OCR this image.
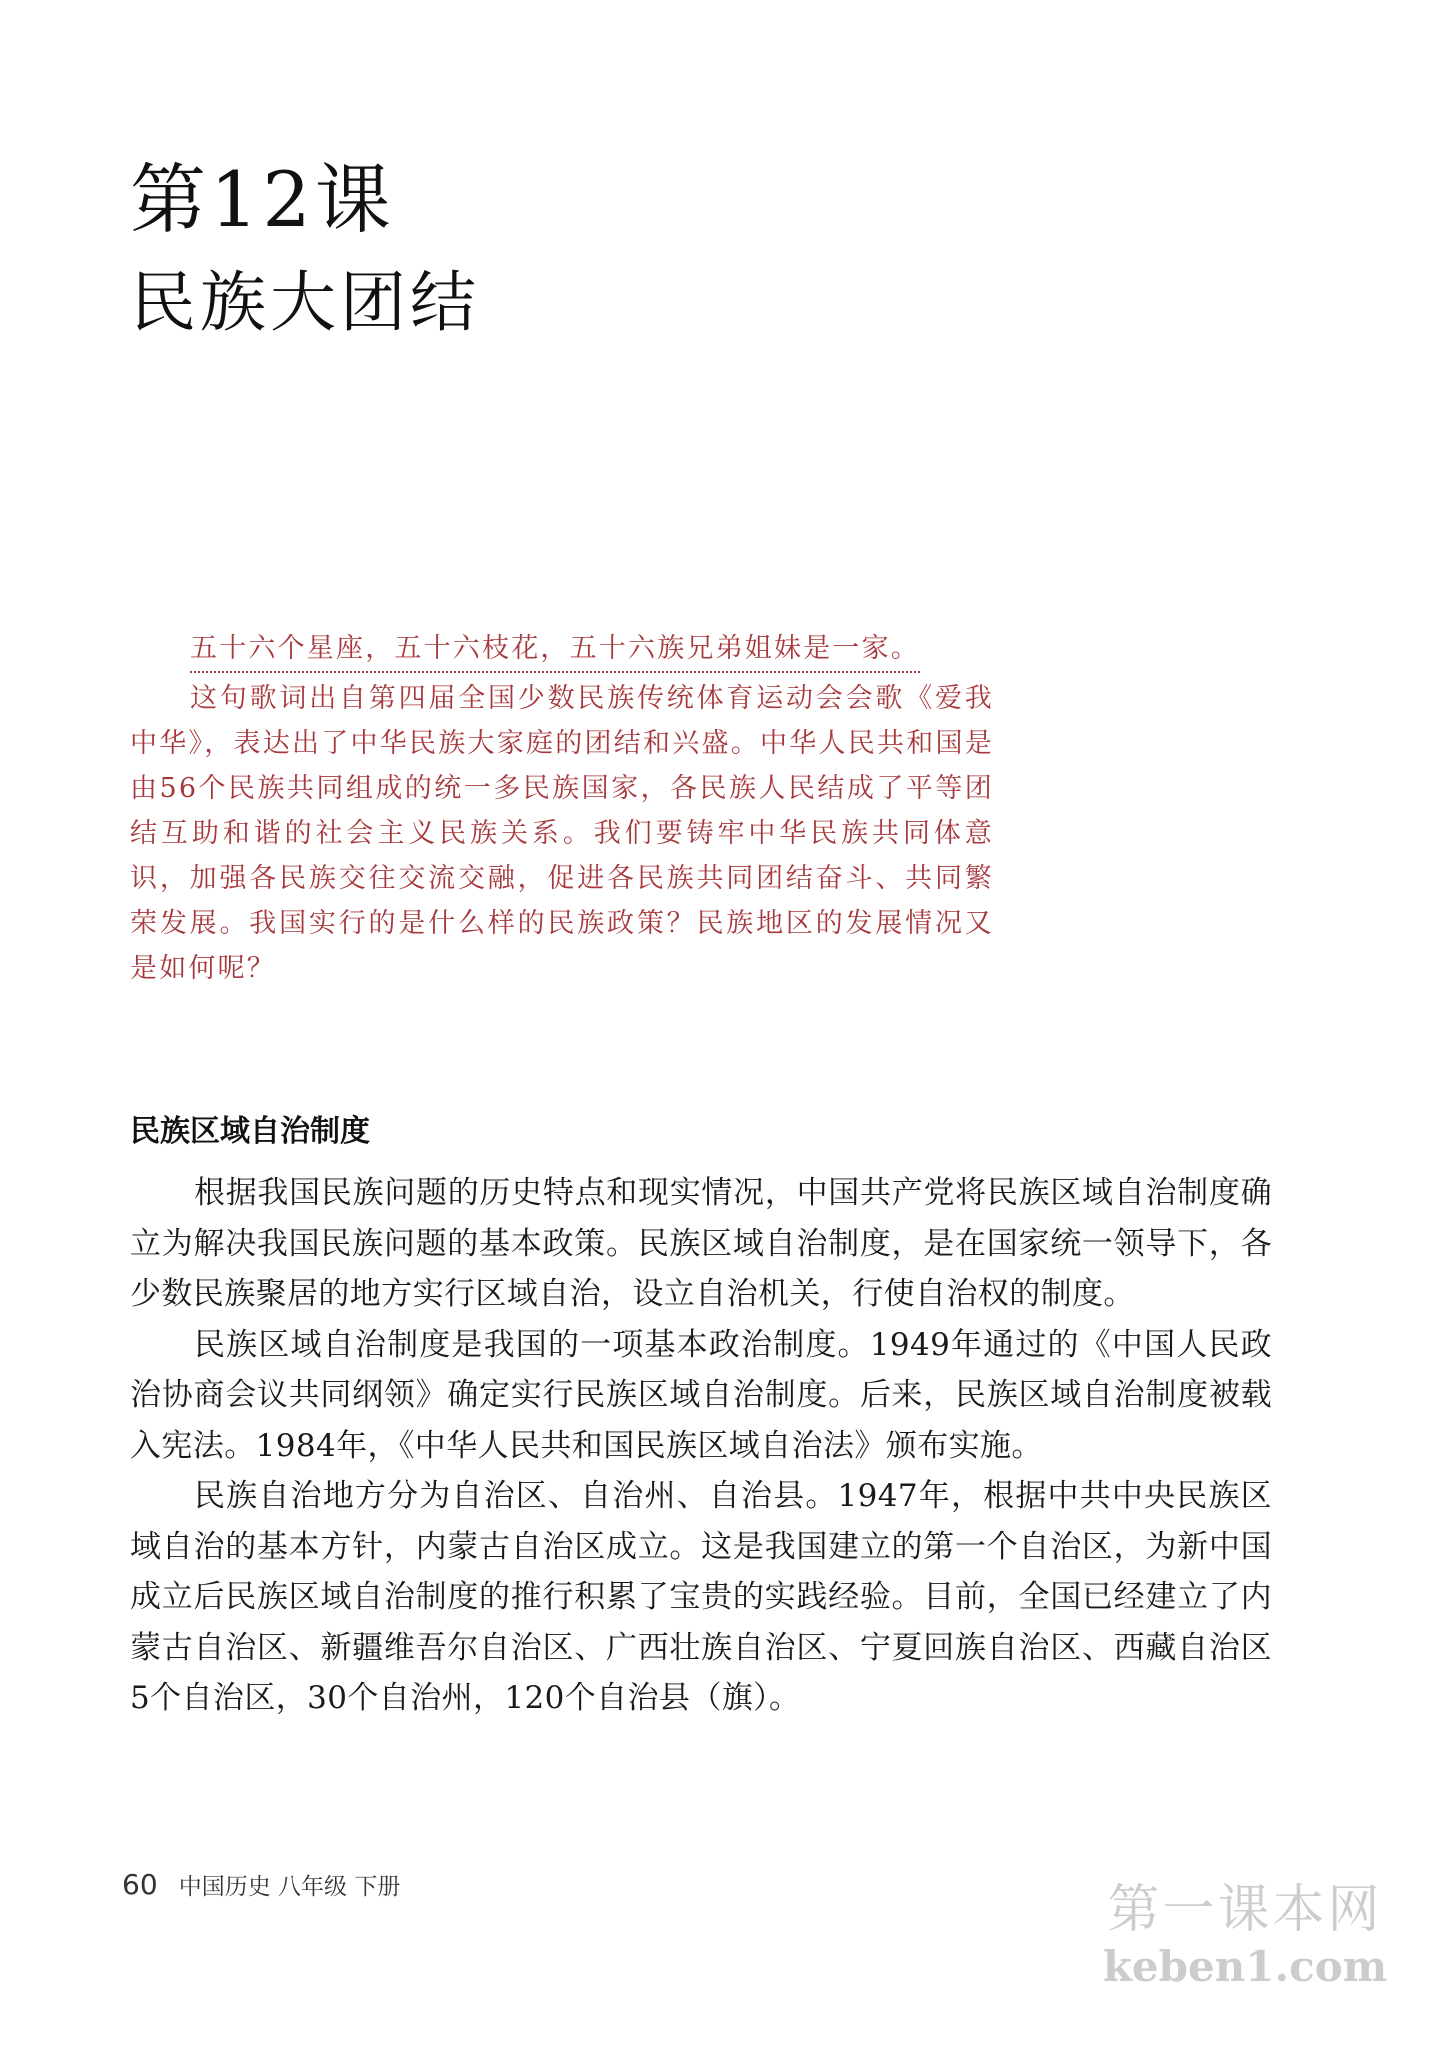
第12课
民族大团结
五十六个星座，五十六枝花，五十六族兄弟姐妹是一家。

这句歌词出自第四届全国少数民族传统体育运动会会歌《爱我中华》，表达出了中华民族大家庭的团结和兴盛。中华人民共和国是由56个民族共同组成的统一多民族国家，各民族人民结成了平等团结互助和谐的社会主义民族关系。我们要铸牢中华民族共同体意识，加强各民族交往交流交融，促进各民族共同团结奋斗、共同繁荣发展。我国实行的是什么样的民族政策？民族地区的发展情况又是如何呢？

民族区域自治制度

根据我国民族问题的历史特点和现实情况，中国共产党将民族区域自治制度确立为解决我国民族问题的基本政策。民族区域自治制度，是在国家统一领导下，各少数民族聚居的地方实行区域自治，设立自治机关，行使自治权的制度。

民族区域自治制度是我国的一项基本政治制度。1949年通过的《中国人民政治协商会议共同纲领》确定实行民族区域自治制度。后来，民族区域自治制度被载入宪法。1984年，《中华人民共和国民族区域自治法》颁布实施。

民族自治地方分为自治区、自治州、自治县。1947年，根据中共中央民族区域自治的基本方针，内蒙古自治区成立。这是我国建立的第一个自治区，为新中国成立后民族区域自治制度的推行积累了宝贵的实践经验。目前，全国已经建立了内蒙古自治区、新疆维吾尔自治区、广西壮族自治区、宁夏回族自治区、西藏自治区5个自治区，30个自治州，120个自治县（旗）。

60 中国历史 八年级 下册	第一课本网
keben1.com
